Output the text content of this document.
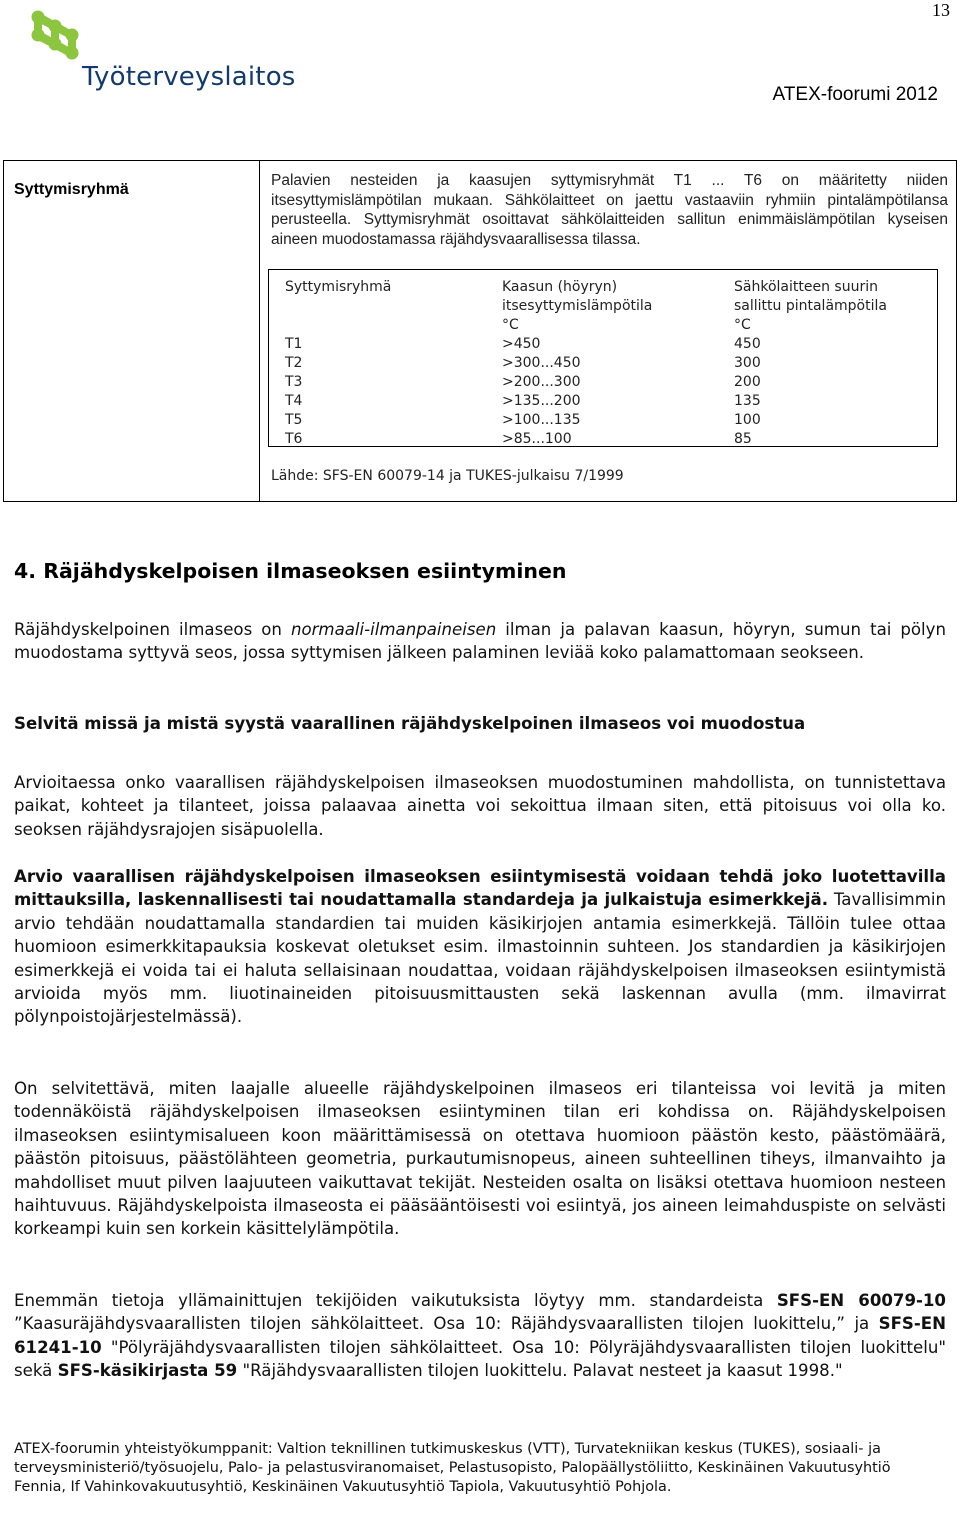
13
Työterveyslaitos
ATEX-foorumi 2012
Syttymisryhmä
Palavien nesteiden ja kaasujen syttymisryhmät T1 ... T6 on määritetty niiden itsesyttymislämpötilan mukaan. Sähkölaitteet on jaettu vastaaviin ryhmiin pintalämpötilansa perusteella. Syttymisryhmät osoittavat sähkölaitteiden sallitun enimmäislämpötilan kyseisen aineen muodostamassa räjähdysvaarallisessa tilassa.
Syttymisryhmä

T1
T2
T3
T4
T5
T6
Kaasun (höyryn)
itsesyttymislämpötila
°C
>450
>300...450
>200...300
>135...200
>100...135
>85...100
Sähkölaitteen suurin
sallittu pintalämpötila
°C
450
300
200
135
100
85
Lähde: SFS-EN 60079-14 ja TUKES-julkaisu 7/1999
4. Räjähdyskelpoisen ilmaseoksen esiintyminen
Räjähdyskelpoinen ilmaseos on normaali-ilmanpaineisen ilman ja palavan kaasun, höyryn, sumun tai pölyn muodostama syttyvä seos, jossa syttymisen jälkeen palaminen leviää koko palamattomaan seokseen.
Selvitä missä ja mistä syystä vaarallinen räjähdyskelpoinen ilmaseos voi muodostua
Arvioitaessa onko vaarallisen räjähdyskelpoisen ilmaseoksen muodostuminen mahdollista, on tunnistettava paikat, kohteet ja tilanteet, joissa palaavaa ainetta voi sekoittua ilmaan siten, että pitoisuus voi olla ko. seoksen räjähdysrajojen sisäpuolella.
Arvio vaarallisen räjähdyskelpoisen ilmaseoksen esiintymisestä voidaan tehdä joko luotettavilla mittauksilla, laskennallisesti tai noudattamalla standardeja ja julkaistuja esimerkkejä. Tavallisimmin arvio tehdään noudattamalla standardien tai muiden käsikirjojen antamia esimerkkejä. Tällöin tulee ottaa huomioon esimerkkitapauksia koskevat oletukset esim. ilmastoinnin suhteen. Jos standardien ja käsikirjojen esimerkkejä ei voida tai ei haluta sellaisinaan noudattaa, voidaan räjähdyskelpoisen ilmaseoksen esiintymistä arvioida myös mm. liuotinaineiden pitoisuusmittausten sekä laskennan avulla (mm. ilmavirrat pölynpoistojärjestelmässä).
On selvitettävä, miten laajalle alueelle räjähdyskelpoinen ilmaseos eri tilanteissa voi levitä ja miten todennäköistä räjähdyskelpoisen ilmaseoksen esiintyminen tilan eri kohdissa on. Räjähdyskelpoisen ilmaseoksen esiintymisalueen koon määrittämisessä on otettava huomioon päästön kesto, päästömäärä, päästön pitoisuus, päästölähteen geometria, purkautumisnopeus, aineen suhteellinen tiheys, ilmanvaihto ja mahdolliset muut pilven laajuuteen vaikuttavat tekijät. Nesteiden osalta on lisäksi otettava huomioon nesteen haihtuvuus. Räjähdyskelpoista ilmaseosta ei pääsääntöisesti voi esiintyä, jos aineen leimahduspiste on selvästi korkeampi kuin sen korkein käsittelylämpötila.
Enemmän tietoja yllämainittujen tekijöiden vaikutuksista löytyy mm. standardeista SFS-EN 60079-10 ”Kaasuräjähdysvaarallisten tilojen sähkölaitteet. Osa 10: Räjähdysvaarallisten tilojen luokittelu,” ja SFS-EN 61241-10 "Pölyräjähdysvaarallisten tilojen sähkölaitteet. Osa 10: Pölyräjähdysvaarallisten tilojen luokittelu" sekä SFS-käsikirjasta 59 "Räjähdysvaarallisten tilojen luokittelu. Palavat nesteet ja kaasut 1998."
ATEX-foorumin yhteistyökumppanit: Valtion teknillinen tutkimuskeskus (VTT), Turvatekniikan keskus (TUKES), sosiaali- ja terveysministeriö/työsuojelu, Palo- ja pelastusviranomaiset, Pelastusopisto, Palopäällystöliitto, Keskinäinen Vakuutusyhtiö Fennia, If Vahinkovakuutusyhtiö, Keskinäinen Vakuutusyhtiö Tapiola, Vakuutusyhtiö Pohjola.
